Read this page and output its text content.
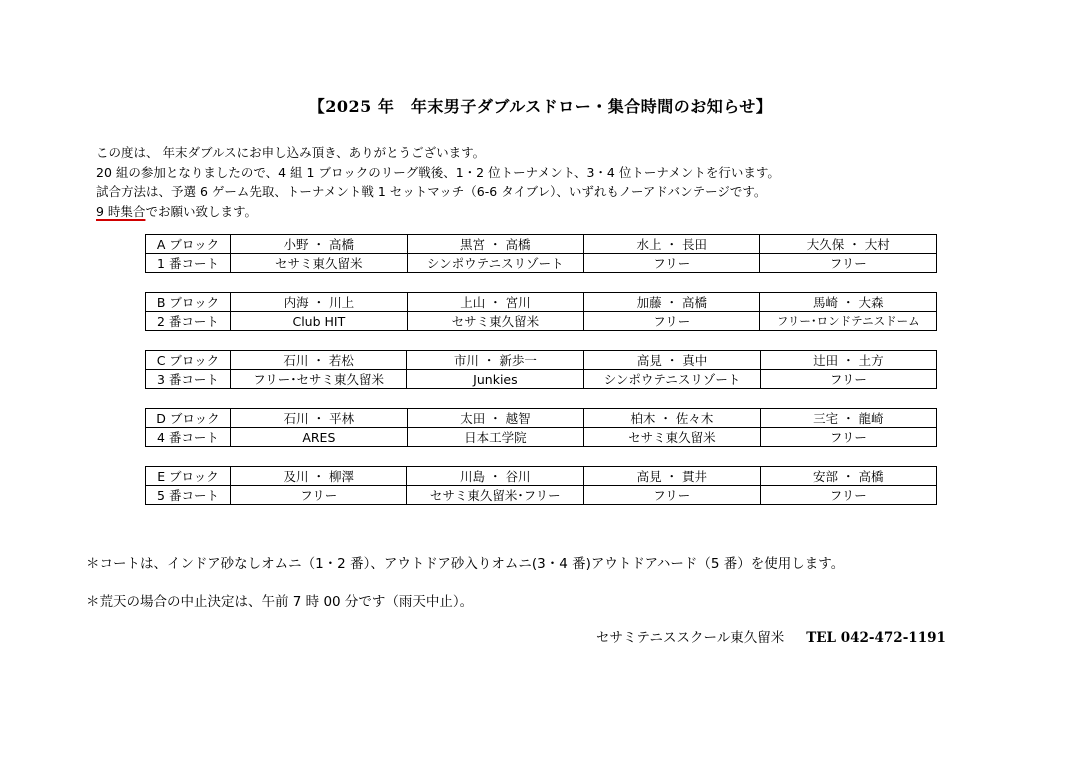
【2025 年　年末男子ダブルスドロー・集合時間のお知らせ】
この度は、 年末ダブルスにお申し込み頂き、ありがとうございます。
20 組の参加となりましたので、4 組 1 ブロックのリーグ戦後、1・2 位トーナメント、3・4 位トーナメントを行います。
試合方法は、予選 6 ゲーム先取、トーナメント戦 1 セットマッチ（6-6 タイブレ）、いずれもノーアドバンテージです。
9 時集合でお願い致します。
A ブロック	小野 ・ 高橋	黒宮 ・ 高橋	水上 ・ 長田	大久保 ・ 大村
1 番コート	セサミ東久留米	シンポウテニスリゾート	フリー	フリー
B ブロック	内海 ・ 川上	上山 ・ 宮川	加藤 ・ 高橋	馬崎 ・ 大森
2 番コート	Club HIT	セサミ東久留米	フリー	フリー･ロンドテニスドーム
C ブロック	石川 ・ 若松	市川 ・ 新歩一	高見 ・ 真中	辻田 ・ 土方
3 番コート	フリー･セサミ東久留米	Junkies	シンポウテニスリゾート	フリー
D ブロック	石川 ・ 平林	太田 ・ 越智	柏木 ・ 佐々木	三宅 ・ 龍崎
4 番コート	ARES	日本工学院	セサミ東久留米	フリー
E ブロック	及川 ・ 柳澤	川島 ・ 谷川	高見 ・ 貫井	安部 ・ 高橋
5 番コート	フリー	セサミ東久留米･フリー	フリー	フリー
＊コートは、インドア砂なしオムニ（1・2 番）、アウトドア砂入りオムニ(3・4 番)アウトドアハード（5 番）を使用します。
＊荒天の場合の中止決定は、午前 7 時 00 分です（雨天中止）。
セサミテニススクール東久留米 TEL 042-472-1191
